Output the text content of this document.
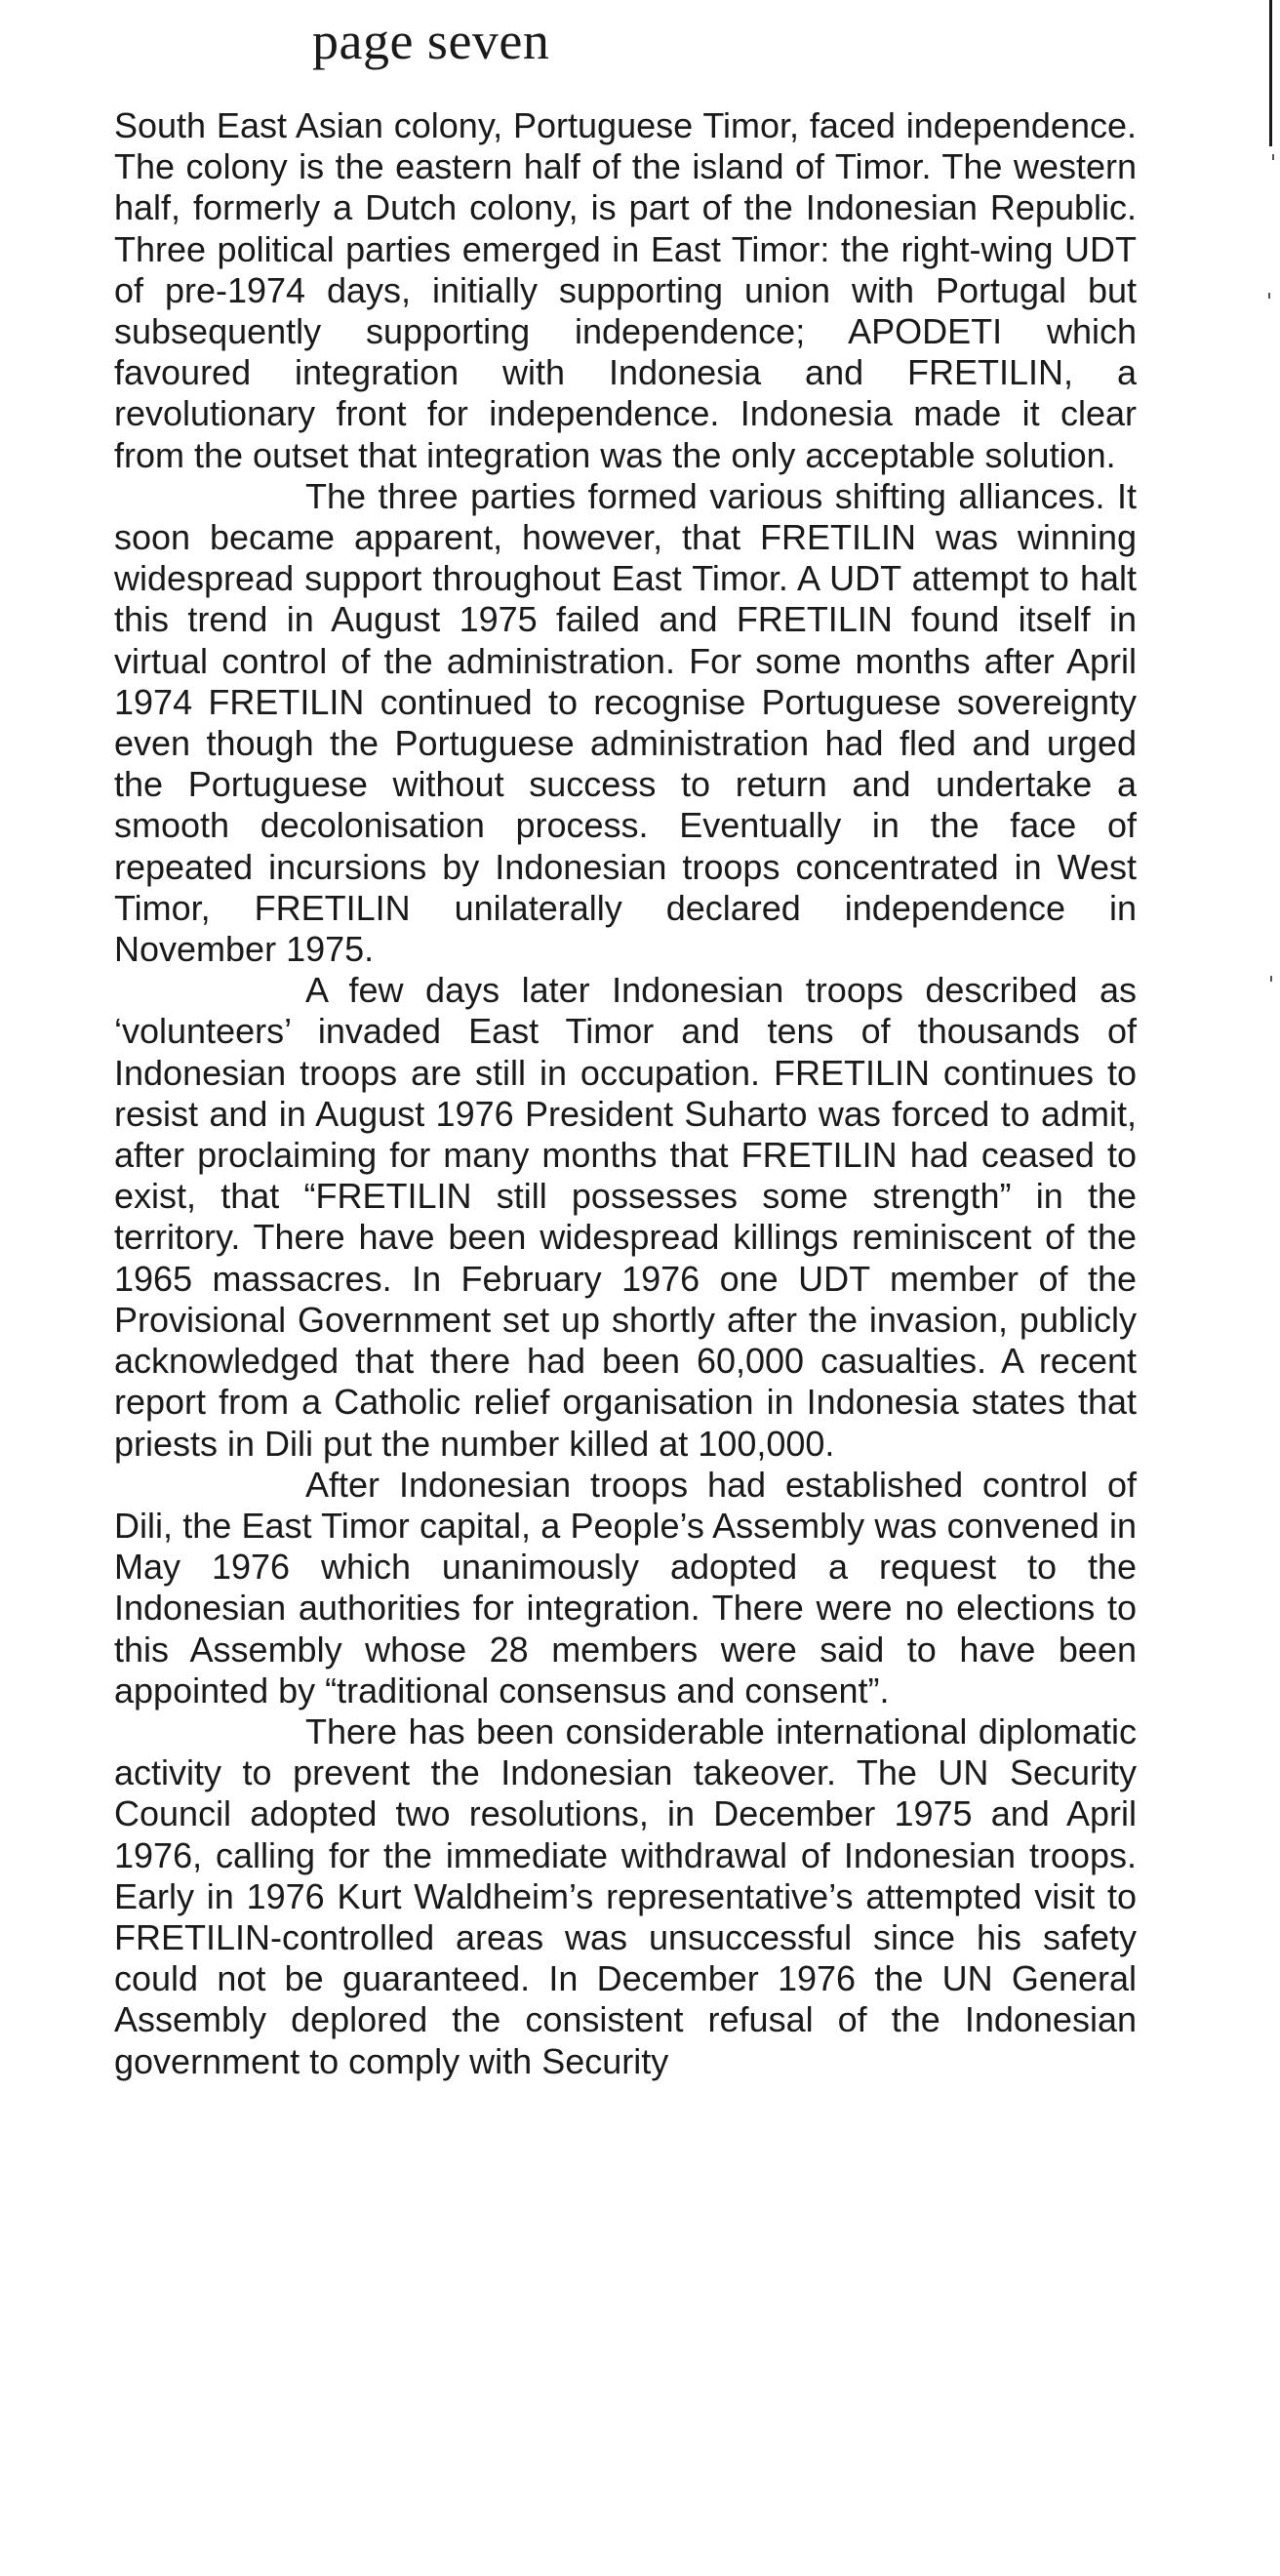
page seven

South East Asian colony, Portuguese Timor, faced independence. The colony is the eastern half of the island of Timor. The western half, formerly a Dutch colony, is part of the Indonesian Republic. Three political parties emerged in East Timor: the right-wing UDT of pre-1974 days, initially supporting union with Portugal but subsequently supporting independence; APODETI which favoured integration with Indonesia and FRETILIN, a revolutionary front for independence. Indonesia made it clear from the outset that integration was the only acceptable solution.

The three parties formed various shifting alliances. It soon became apparent, however, that FRETILIN was winning widespread support throughout East Timor. A UDT attempt to halt this trend in August 1975 failed and FRETILIN found itself in virtual control of the administration. For some months after April 1974 FRETILIN continued to recognise Portuguese sovereignty even though the Portuguese administration had fled and urged the Portuguese without success to return and undertake a smooth decolonisation process. Eventually in the face of repeated incursions by Indonesian troops concentrated in West Timor, FRETILIN unilaterally declared independence in November 1975.

A few days later Indonesian troops described as ‘volunteers’ invaded East Timor and tens of thousands of Indonesian troops are still in occupation. FRETILIN continues to resist and in August 1976 President Suharto was forced to admit, after proclaiming for many months that FRETILIN had ceased to exist, that “FRETILIN still possesses some strength” in the territory. There have been widespread killings reminiscent of the 1965 massacres. In February 1976 one UDT member of the Provisional Government set up shortly after the invasion, publicly acknowledged that there had been 60,000 casualties. A recent report from a Catholic relief organisation in Indonesia states that priests in Dili put the number killed at 100,000.

After Indonesian troops had established control of Dili, the East Timor capital, a People’s Assembly was convened in May 1976 which unanimously adopted a request to the Indonesian authorities for integration. There were no elections to this Assembly whose 28 members were said to have been appointed by “traditional consensus and consent”.

There has been considerable international diplomatic activity to prevent the Indonesian takeover. The UN Security Council adopted two resolutions, in December 1975 and April 1976, calling for the immediate withdrawal of Indonesian troops. Early in 1976 Kurt Waldheim’s representative’s attempted visit to FRETILIN-controlled areas was unsuccessful since his safety could not be guaranteed. In December 1976 the UN General Assembly deplored the consistent refusal of the Indonesian government to comply with Security
